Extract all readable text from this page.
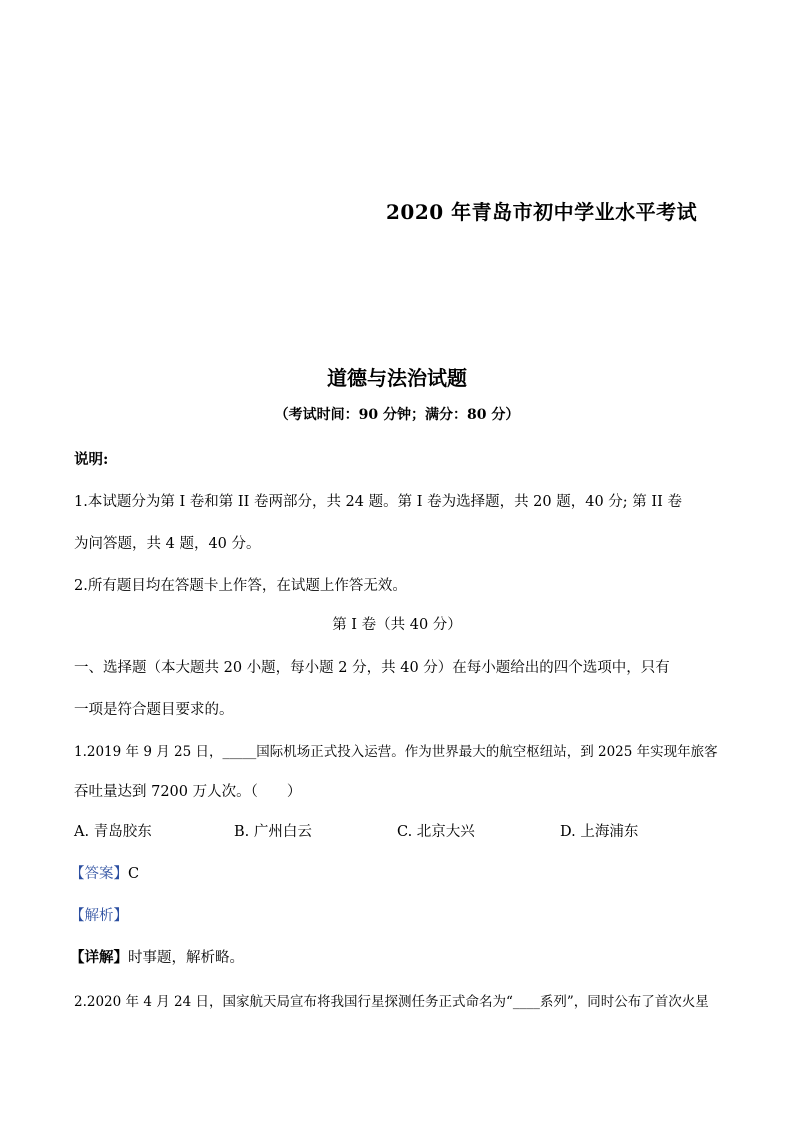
2020 年青岛市初中学业水平考试
道德与法治试题
（考试时间：90 分钟；满分：80 分）
说明:
1.本试题分为第 I 卷和第 II 卷两部分，共 24 题。第 I 卷为选择题，共 20 题，40 分; 第 II 卷
为问答题，共 4 题，40 分。
2.所有题目均在答题卡上作答，在试题上作答无效。
第 I 卷（共 40 分）
一、选择题（本大题共 20 小题，每小题 2 分，共 40 分）在每小题给出的四个选项中，只有
一项是符合题目要求的。
1.2019 年 9 月 25 日，_____国际机场正式投入运营。作为世界最大的航空枢纽站，到 2025 年实现年旅客
吞吐量达到 7200 万人次。（　　）
A. 青岛胶东	B. 广州白云	C. 北京大兴	D. 上海浦东
【答案】C
【解析】
【详解】时事题，解析略。
2.2020 年 4 月 24 日，国家航天局宣布将我国行星探测任务正式命名为“____系列”，同时公布了首次火星
